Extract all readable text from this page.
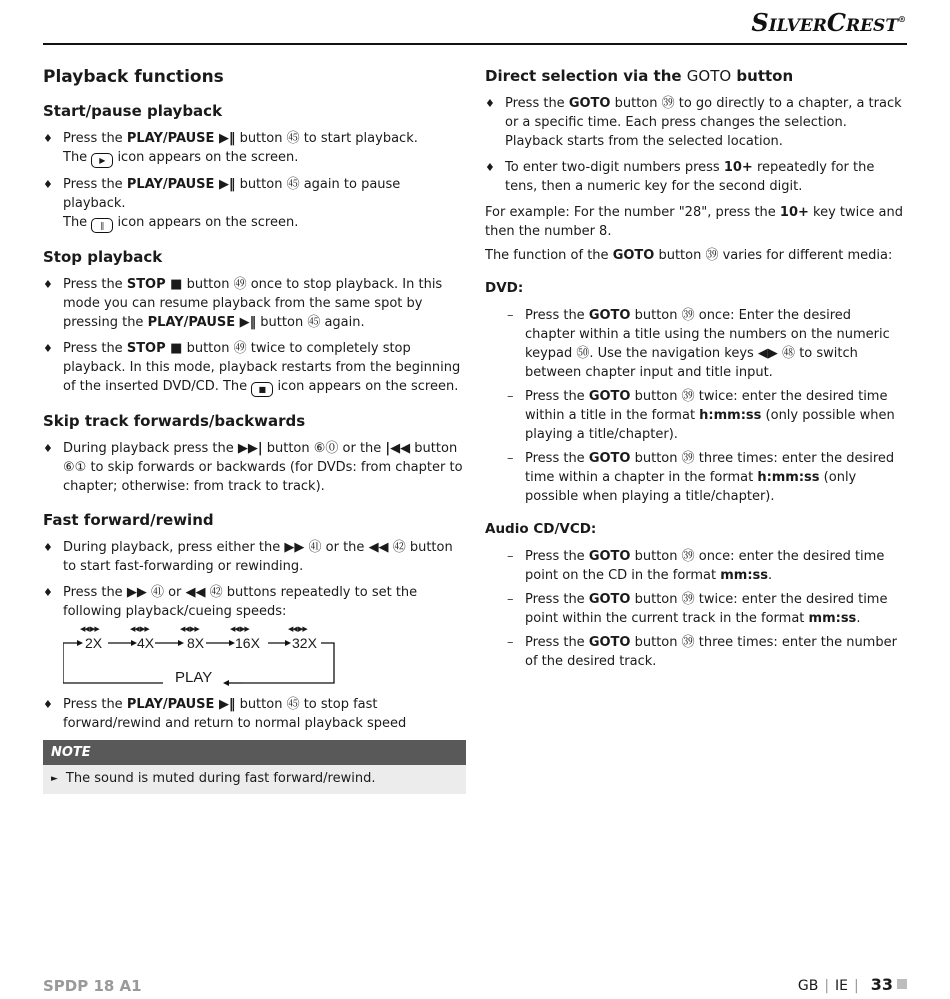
SilverCrest®
Playback functions
Start/pause playback
♦ Press the PLAY/PAUSE ▶‖ button ㊺ to start playback.
The ▶ icon appears on the screen.
♦ Press the PLAY/PAUSE ▶‖ button ㊺ again to pause playback.
The ‖ icon appears on the screen.
Stop playback
♦ Press the STOP ■ button ㊾ once to stop playback. In this mode you can resume playback from the same spot by pressing the PLAY/PAUSE ▶‖ button ㊺ again.
♦ Press the STOP ■ button ㊾ twice to completely stop playback. In this mode, playback restarts from the beginning of the inserted DVD/CD. The ■ icon appears on the screen.
Skip track forwards/backwards
♦ During playback press the ▶▶| button ⑥⓪ or the |◀◀ button ⑥① to skip forwards or backwards (for DVDs: from chapter to chapter; otherwise: from track to track).
Fast forward/rewind
♦ During playback, press either the ▶▶ ㊶ or the ◀◀ ㊷ button to start fast-forwarding or rewinding.
♦ Press the ▶▶ ㊶ or ◀◀ ㊷ buttons repeatedly to set the following playback/cueing speeds:
◀◀ ▶▶	◀◀ ▶▶	◀◀ ▶▶	◀◀ ▶▶	◀◀ ▶▶
2X 4X 8X 16X 32X
PLAY
♦ Press the PLAY/PAUSE ▶‖ button ㊺ to stop fast forward/rewind and return to normal playback speed
NOTE
► The sound is muted during fast forward/rewind.
Direct selection via the GOTO button
♦ Press the GOTO button ㊴ to go directly to a chapter, a track or a specific time. Each press changes the selection. Playback starts from the selected location.
♦ To enter two-digit numbers press 10+ repeatedly for the tens, then a numeric key for the second digit.

For example: For the number "28", press the 10+ key twice and then the number 8.

The function of the GOTO button ㊴ varies for different media:

DVD:
– Press the GOTO button ㊴ once: Enter the desired chapter within a title using the numbers on the numeric keypad ㊿. Use the navigation keys ◀▶ ㊽ to switch between chapter input and title input.
– Press the GOTO button ㊴ twice: enter the desired time within a title in the format h:mm:ss (only possible when playing a title/chapter).
– Press the GOTO button ㊴ three times: enter the desired time within a chapter in the format h:mm:ss (only possible when playing a title/chapter).
Audio CD/VCD:
– Press the GOTO button ㊴ once: enter the desired time point on the CD in the format mm:ss.
– Press the GOTO button ㊴ twice: enter the desired time point within the current track in the format mm:ss.
– Press the GOTO button ㊴ three times: enter the number of the desired track.
SPDP 18 A1	GB | IE | 33
